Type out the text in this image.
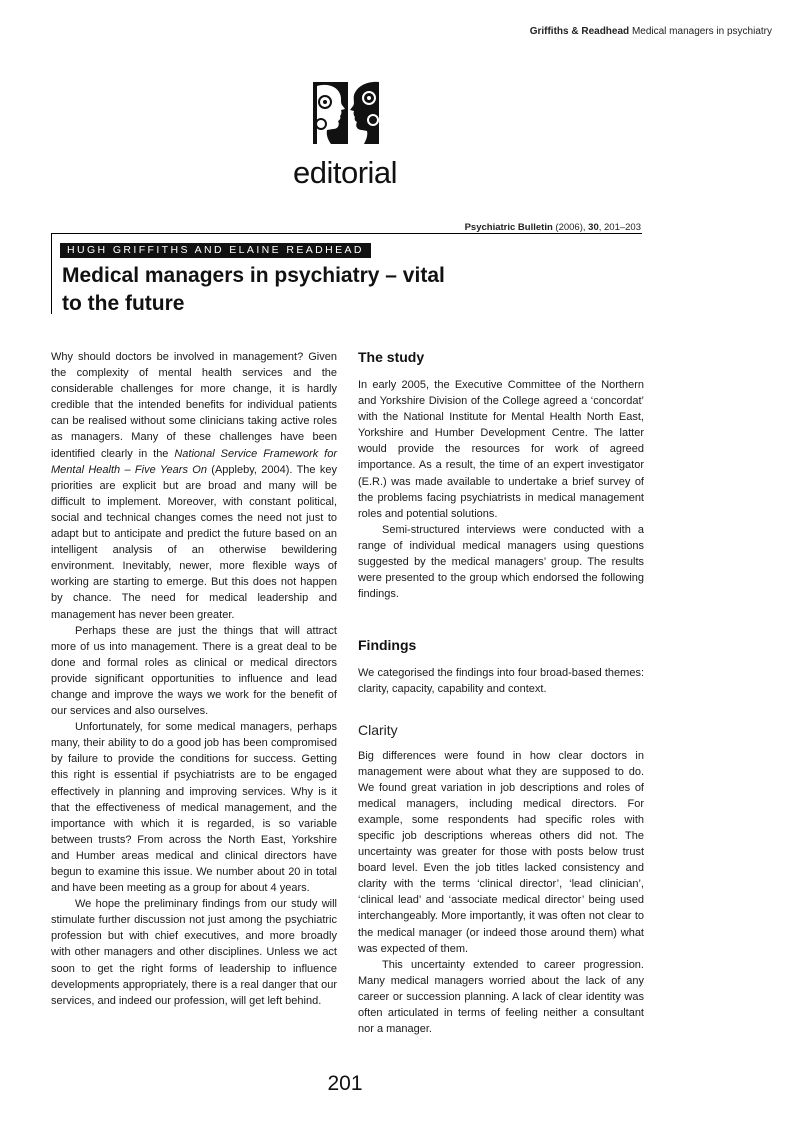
Griffiths & Readhead Medical managers in psychiatry
editorial
Psychiatric Bulletin (2006), 30, 201–203
HUGH GRIFFITHS AND ELAINE READHEAD
Medical managers in psychiatry – vital to the future

Why should doctors be involved in management? Given the complexity of mental health services and the considerable challenges for more change, it is hardly credible that the intended benefits for individual patients can be realised without some clinicians taking active roles as managers. Many of these challenges have been identified clearly in the National Service Framework for Mental Health – Five Years On (Appleby, 2004). The key priorities are explicit but are broad and many will be difficult to implement. Moreover, with constant political, social and technical changes comes the need not just to adapt but to anticipate and predict the future based on an intelligent analysis of an otherwise bewildering environment. Inevitably, newer, more flexible ways of working are starting to emerge. But this does not happen by chance. The need for medical leadership and management has never been greater.

Perhaps these are just the things that will attract more of us into management. There is a great deal to be done and formal roles as clinical or medical directors provide significant opportunities to influence and lead change and improve the ways we work for the benefit of our services and also ourselves.

Unfortunately, for some medical managers, perhaps many, their ability to do a good job has been compromised by failure to provide the conditions for success. Getting this right is essential if psychiatrists are to be engaged effectively in planning and improving services. Why is it that the effectiveness of medical management, and the importance with which it is regarded, is so variable between trusts? From across the North East, Yorkshire and Humber areas medical and clinical directors have begun to examine this issue. We number about 20 in total and have been meeting as a group for about 4 years.

We hope the preliminary findings from our study will stimulate further discussion not just among the psychiatric profession but with chief executives, and more broadly with other managers and other disciplines. Unless we act soon to get the right forms of leadership to influence developments appropriately, there is a real danger that our services, and indeed our profession, will get left behind.

The study

In early 2005, the Executive Committee of the Northern and Yorkshire Division of the College agreed a ‘concordat’ with the National Institute for Mental Health North East, Yorkshire and Humber Development Centre. The latter would provide the resources for work of agreed importance. As a result, the time of an expert investigator (E.R.) was made available to undertake a brief survey of the problems facing psychiatrists in medical management roles and potential solutions.

Semi-structured interviews were conducted with a range of individual medical managers using questions suggested by the medical managers’ group. The results were presented to the group which endorsed the following findings.

Findings

We categorised the findings into four broad-based themes: clarity, capacity, capability and context.

Clarity

Big differences were found in how clear doctors in management were about what they are supposed to do. We found great variation in job descriptions and roles of medical managers, including medical directors. For example, some respondents had specific roles with specific job descriptions whereas others did not. The uncertainty was greater for those with posts below trust board level. Even the job titles lacked consistency and clarity with the terms ‘clinical director’, ‘lead clinician’, ‘clinical lead’ and ‘associate medical director’ being used interchangeably. More importantly, it was often not clear to the medical manager (or indeed those around them) what was expected of them.

This uncertainty extended to career progression. Many medical managers worried about the lack of any career or succession planning. A lack of clear identity was often articulated in terms of feeling neither a consultant nor a manager.

201
